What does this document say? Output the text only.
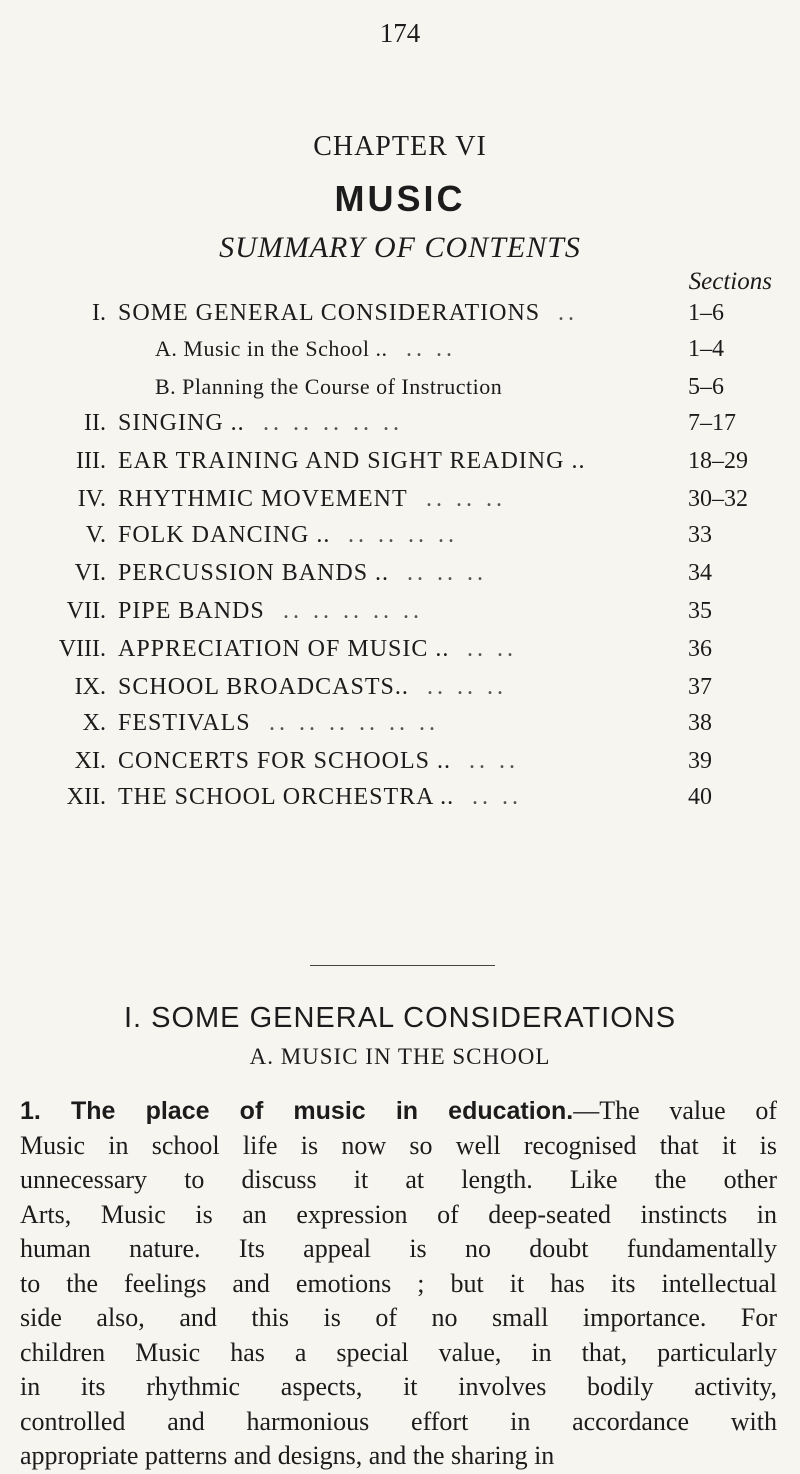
174
CHAPTER VI
MUSIC
SUMMARY OF CONTENTS
Sections
I. SOME GENERAL CONSIDERATIONS ..	1–6
A. Music in the School .. .. ..	1–4
B. Planning the Course of Instruction	5–6
II. SINGING .. .. .. .. .. ..	7–17
III. EAR TRAINING AND SIGHT READING ..	18–29
IV. RHYTHMIC MOVEMENT .. .. ..	30–32
V. FOLK DANCING .. .. .. .. ..	33
VI. PERCUSSION BANDS .. .. .. ..	34
VII. PIPE BANDS .. .. .. .. ..	35
VIII. APPRECIATION OF MUSIC .. .. ..	36
IX. SCHOOL BROADCASTS.. .. .. ..	37
X. FESTIVALS .. .. .. .. .. ..	38
XI. CONCERTS FOR SCHOOLS .. .. ..	39
XII. THE SCHOOL ORCHESTRA .. .. ..	40
I. SOME GENERAL CONSIDERATIONS
A. MUSIC IN THE SCHOOL
1. The place of music in education.—The value of
Music in school life is now so well recognised that it is
unnecessary to discuss it at length. Like the other
Arts, Music is an expression of deep-seated instincts in
human nature. Its appeal is no doubt fundamentally
to the feelings and emotions ; but it has its intellectual
side also, and this is of no small importance. For
children Music has a special value, in that, particularly
in its rhythmic aspects, it involves bodily activity,
controlled and harmonious effort in accordance with
appropriate patterns and designs, and the sharing in
